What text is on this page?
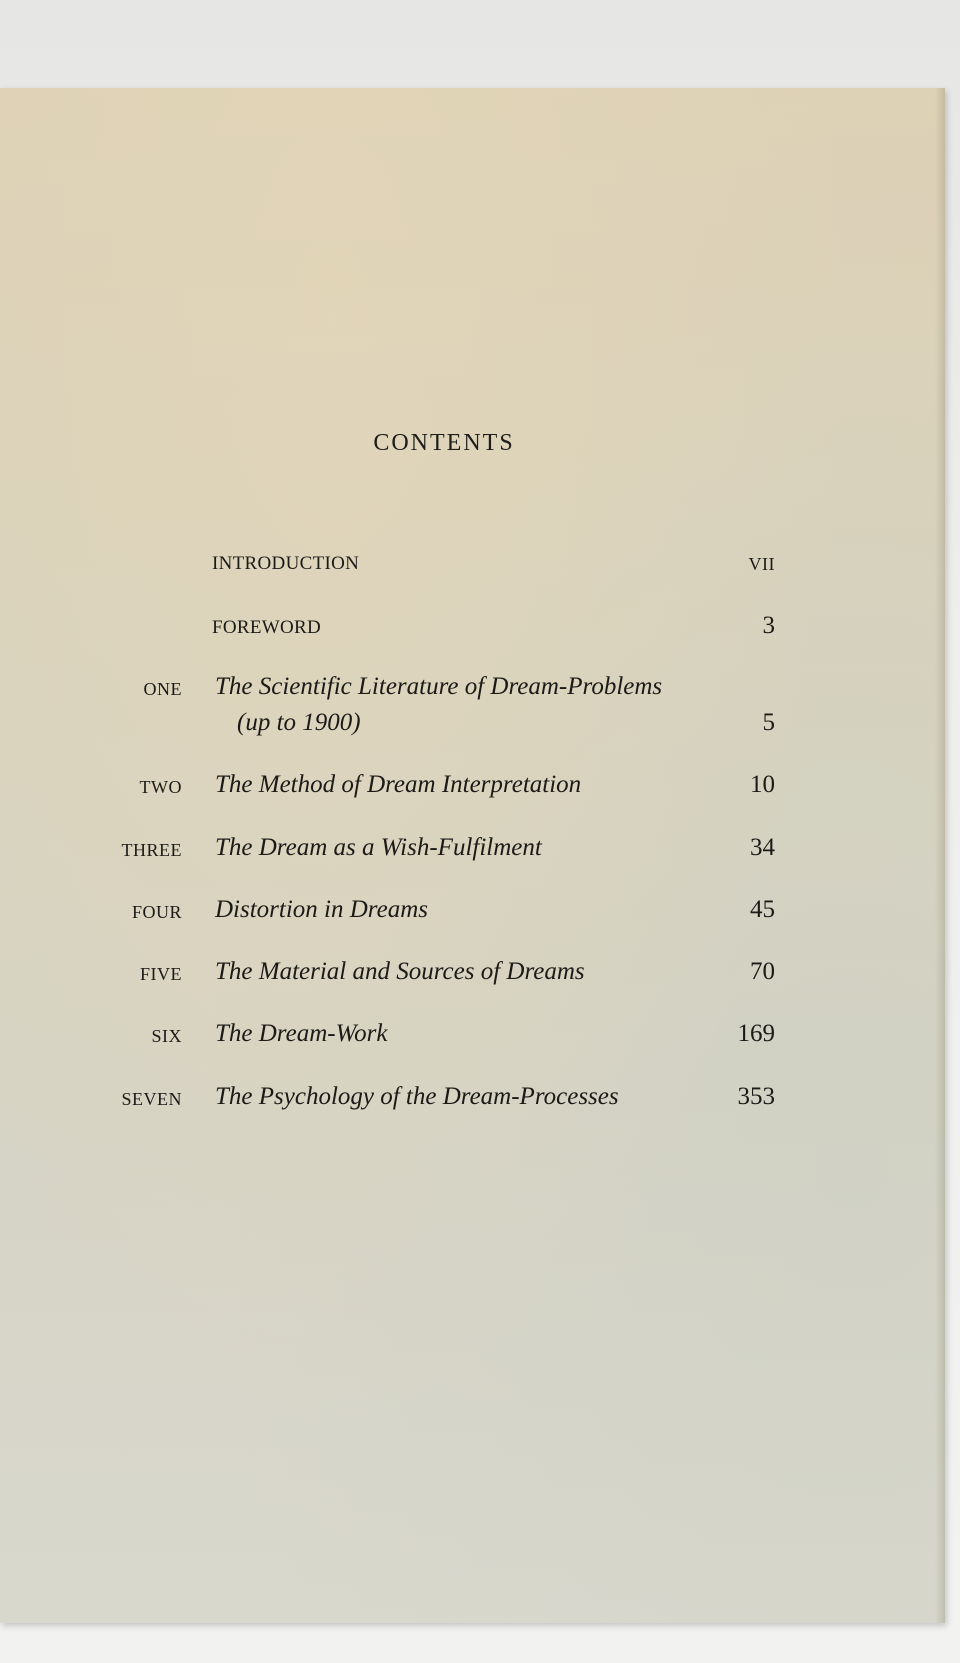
CONTENTS
INTRODUCTION	VII
FOREWORD	3
ONE The Scientific Literature of Dream-Problems
(up to 1900)	5
TWO The Method of Dream Interpretation	10
THREE The Dream as a Wish-Fulfilment	34
FOUR Distortion in Dreams	45
FIVE The Material and Sources of Dreams	70
SIX The Dream-Work	169
SEVEN The Psychology of the Dream-Processes	353
